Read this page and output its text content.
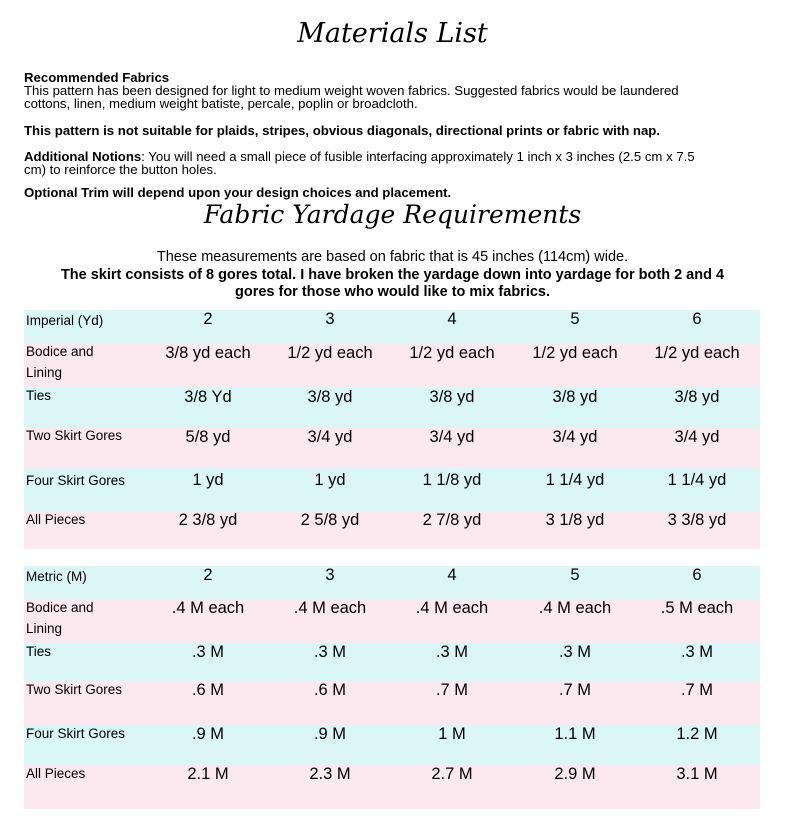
Materials List
Recommended Fabrics
This pattern has been designed for light to medium weight woven fabrics. Suggested fabrics would be laundered
cottons, linen, medium weight batiste, percale, poplin or broadcloth.
This pattern is not suitable for plaids, stripes, obvious diagonals, directional prints or fabric with nap.
Additional Notions: You will need a small piece of fusible interfacing approximately 1 inch x 3 inches (2.5 cm x 7.5
cm) to reinforce the button holes.
Optional Trim will depend upon your design choices and placement.
Fabric Yardage Requirements
These measurements are based on fabric that is 45 inches (114cm) wide.
The skirt consists of 8 gores total. I have broken the yardage down into yardage for both 2 and 4
gores for those who would like to mix fabrics.
Imperial (Yd)	2	3	4	5	6
Bodice and
Lining
3/8 yd each	1/2 yd each	1/2 yd each	1/2 yd each	1/2 yd each
Ties	3/8 Yd	3/8 yd	3/8 yd	3/8 yd	3/8 yd
Two Skirt Gores	5/8 yd	3/4 yd	3/4 yd	3/4 yd	3/4 yd
Four Skirt Gores	1 yd	1 yd	1 1/8 yd	1 1/4 yd	1 1/4 yd
All Pieces	2 3/8 yd	2 5/8 yd	2 7/8 yd	3 1/8 yd	3 3/8 yd
Metric (M)	2	3	4	5	6
Bodice and
Lining
.4 M each	.4 M each	.4 M each	.4 M each	.5 M each
Ties	.3 M	.3 M	.3 M	.3 M	.3 M
Two Skirt Gores	.6 M	.6 M	.7 M	.7 M	.7 M
Four Skirt Gores	.9 M	.9 M	1 M	1.1 M	1.2 M
All Pieces	2.1 M	2.3 M	2.7 M	2.9 M	3.1 M
